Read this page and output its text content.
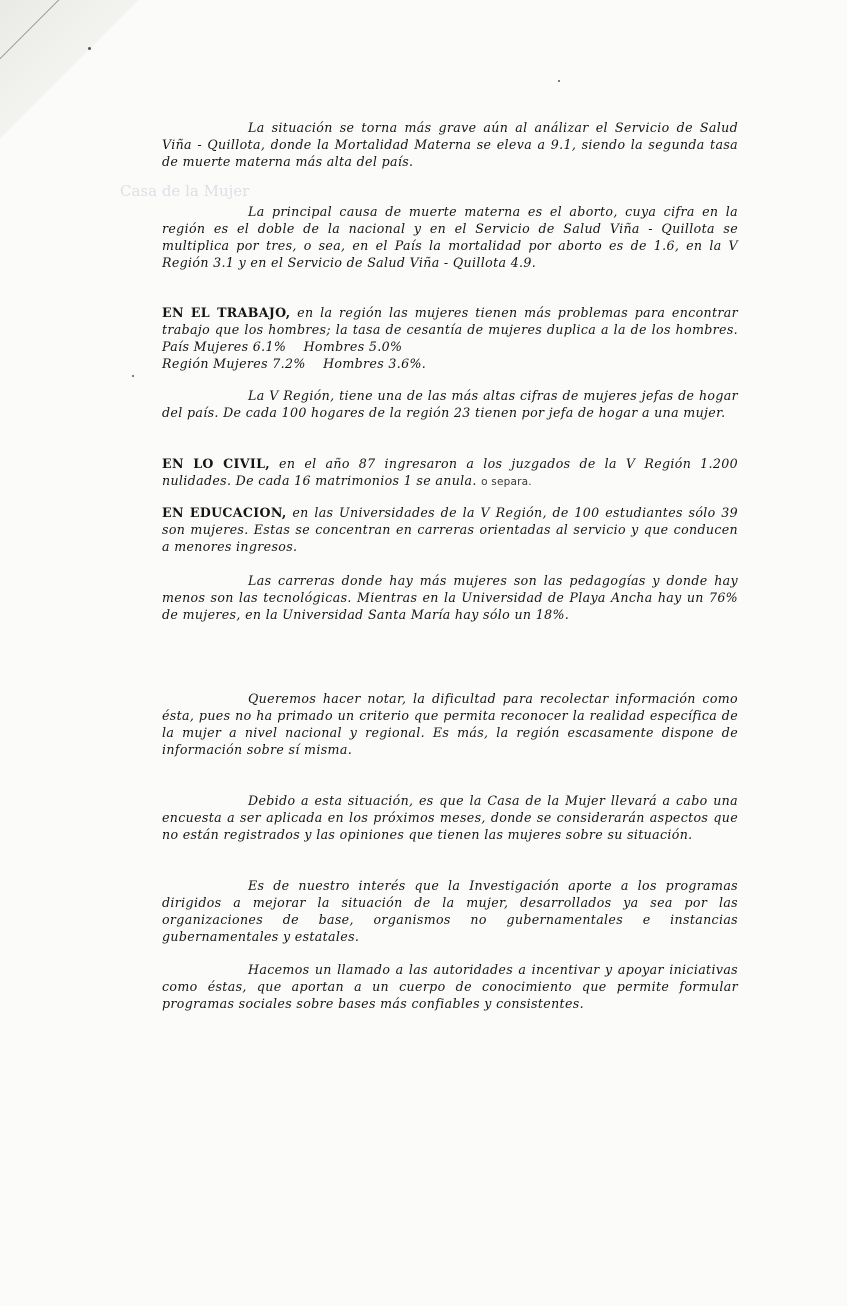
Casa de la Mujer

La situación se torna más grave aún al análizar el Servicio de Salud Viña - Quillota, donde la Mortalidad Materna se eleva a 9.1, siendo la segunda tasa de muerte materna más alta del país.

La principal causa de muerte materna es el aborto, cuya cifra en la región es el doble de la nacional y en el Servicio de Salud Viña - Quillota se multiplica por tres, o sea, en el País la mortalidad por aborto es de 1.6, en la V Región 3.1 y en el Servicio de Salud Viña - Quillota 4.9.

EN EL TRABAJO, en la región las mujeres tienen más problemas para encontrar trabajo que los hombres; la tasa de cesantía de mujeres duplica a la de los hombres. País Mujeres 6.1%    Hombres 5.0%
Región Mujeres 7.2%    Hombres 3.6%.

La V Región, tiene una de las más altas cifras de mujeres jefas de hogar del país. De cada 100 hogares de la región 23 tienen por jefa de hogar a una mujer.

EN LO CIVIL, en el año 87 ingresaron a los juzgados de la V Región 1.200 nulidades. De cada 16 matrimonios 1 se anula. o separa.

EN EDUCACION, en las Universidades de la V Región, de 100 estudiantes sólo 39 son mujeres. Estas se concentran en carreras orientadas al servicio y que conducen a menores ingresos.

Las carreras donde hay más mujeres son las pedagogías y donde hay menos son las tecnológicas. Mientras en la Universidad de Playa Ancha hay un 76% de mujeres, en la Universidad Santa María hay sólo un 18%.

Queremos hacer notar, la dificultad para recolectar información como ésta, pues no ha primado un criterio que permita reconocer la realidad específica de la mujer a nivel nacional y regional. Es más, la región escasamente dispone de información sobre sí misma.

Debido a esta situación, es que la Casa de la Mujer llevará a cabo una encuesta a ser aplicada en los próximos meses, donde se considerarán aspectos que no están registrados y las opiniones que tienen las mujeres sobre su situación.

Es de nuestro interés que la Investigación aporte a los programas dirigidos a mejorar la situación de la mujer, desarrollados ya sea por las organizaciones de base, organismos no gubernamentales e instancias gubernamentales y estatales.

Hacemos un llamado a las autoridades a incentivar y apoyar iniciativas como éstas, que aportan a un cuerpo de conocimiento que permite formular programas sociales sobre bases más confiables y consistentes.
